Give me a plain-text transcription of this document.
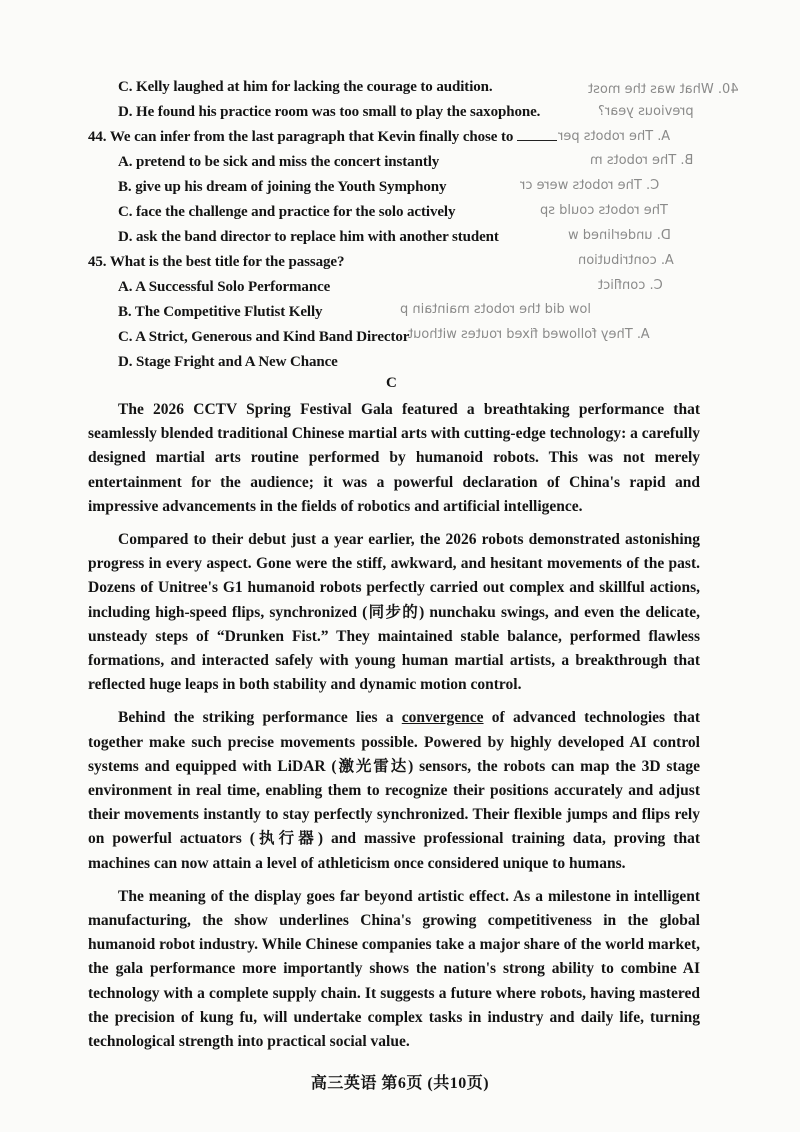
40. What was the most
previous year?
A. The robots per
B. The robots m
C. The robots were cr
The robots could sp
D. underlined w
A. contribution
C. conflict
low did the robots maintain p
A. They followed fixed routes without
C. Kelly laughed at him for lacking the courage to audition.
D. He found his practice room was too small to play the saxophone.
44. We can infer from the last paragraph that Kevin finally chose to
A. pretend to be sick and miss the concert instantly
B. give up his dream of joining the Youth Symphony
C. face the challenge and practice for the solo actively
D. ask the band director to replace him with another student
45. What is the best title for the passage?
A. A Successful Solo Performance
B. The Competitive Flutist Kelly
C. A Strict, Generous and Kind Band Director
D. Stage Fright and A New Chance
C

The 2026 CCTV Spring Festival Gala featured a breathtaking performance that seamlessly blended traditional Chinese martial arts with cutting-edge technology: a carefully designed martial arts routine performed by humanoid robots. This was not merely entertainment for the audience; it was a powerful declaration of China's rapid and impressive advancements in the fields of robotics and artificial intelligence.

Compared to their debut just a year earlier, the 2026 robots demonstrated astonishing progress in every aspect. Gone were the stiff, awkward, and hesitant movements of the past. Dozens of Unitree's G1 humanoid robots perfectly carried out complex and skillful actions, including high-speed flips, synchronized (同步的) nunchaku swings, and even the delicate, unsteady steps of “Drunken Fist.” They maintained stable balance, performed flawless formations, and interacted safely with young human martial artists, a breakthrough that reflected huge leaps in both stability and dynamic motion control.

Behind the striking performance lies a convergence of advanced technologies that together make such precise movements possible. Powered by highly developed AI control systems and equipped with LiDAR (激光雷达) sensors, the robots can map the 3D stage environment in real time, enabling them to recognize their positions accurately and adjust their movements instantly to stay perfectly synchronized. Their flexible jumps and flips rely on powerful actuators (执行器) and massive professional training data, proving that machines can now attain a level of athleticism once considered unique to humans.

The meaning of the display goes far beyond artistic effect. As a milestone in intelligent manufacturing, the show underlines China's growing competitiveness in the global humanoid robot industry. While Chinese companies take a major share of the world market, the gala performance more importantly shows the nation's strong ability to combine AI technology with a complete supply chain. It suggests a future where robots, having mastered the precision of kung fu, will undertake complex tasks in industry and daily life, turning technological strength into practical social value.

高三英语 第6页 (共10页)
